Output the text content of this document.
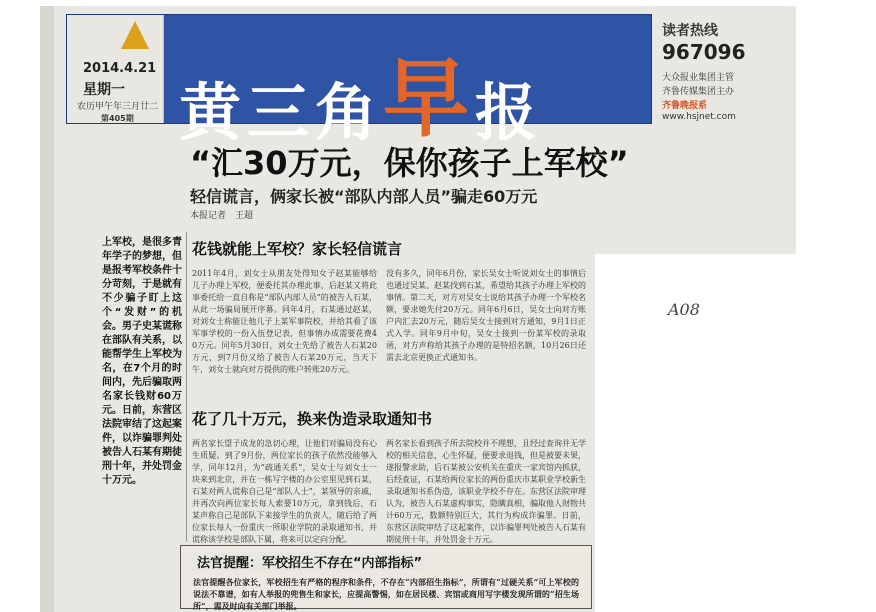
2014.4.21
星期一
农历甲午年三月廿二
第405期 黄三角早报
读者热线
967096
大众报业集团主管
齐鲁传媒集团主办
齐鲁晚报系
www.hsjnet.com
“汇30万元，保你孩子上军校”
轻信谎言，俩家长被“部队内部人员”骗走60万元
本报记者　王超
上军校，是很多青年学子的梦想，但是报考军校条件十分苛刻，于是就有不少骗子盯上这个“发财”的机会。男子史某谎称在部队有关系，以能帮学生上军校为名，在7个月的时间内，先后骗取两名家长钱财60万元。日前，东营区法院审结了这起案件，以诈骗罪判处被告人石某有期徒刑十年，并处罚金十万元。
花钱就能上军校？家长轻信谎言
2011年4月，刘女士从朋友处得知女子赵某能够给儿子办理上军校，便委托其办理此事，后赵某又将此事委托给一直自称是“部队内部人员”的被告人石某，从此一场骗局展开序幕。同年4月，石某通过赵某，对刘女士称能让他儿子上某军事院校，并给其看了该军事学校的一份入伍登记表，但事情办成需要花费40万元。同年5月30日，刘女士先给了被告人石某20万元，到7月份又给了被告人石某20万元，当天下午，刘女士就向对方提供的账户转账20万元。
没有多久，同年6月份，家长吴女士听说刘女士的事情后也通过吴某、赵某找到石某，希望给其孩子办理上军校的事情。第二天，对方对吴女士说给其孩子办理一个军校名额，要求她先付20万元。同年6月6日，吴女士向对方账户内汇去20万元，随后吴女士接到对方通知，9月1日正式入学。同年9月中旬，吴女士接到一份某军校的录取函，对方声称给其孩子办理的是特招名额，10月26日还需去北京更换正式通知书。
花了几十万元，换来伪造录取通知书
两名家长望子成龙的急切心理，让他们对骗局没有心生质疑。到了9月份，两位家长的孩子依然没能够入学，同年12月，为“疏通关系”，吴女士与刘女士一块来到北京，并在一栋写字楼的办公室里见到石某，石某对两人谎称自己是“部队人士”，某领导的亲戚，并再次向两位家长每人索要10万元，拿到钱后，石某声称自己是部队下来接学生的负责人，随后给了两位家长每人一份重庆一所职业学院的录取通知书，并谎称该学校是部队下属，将来可以定向分配。
两名家长看到孩子所去院校并不理想，且经过查询并无学校的相关信息，心生怀疑，便要求退钱，但是被要未果，遂报警求助，后石某被公安机关在重庆一家宾馆内抓获，后经查证，石某给两位家长的两份重庆市某职业学校新生录取通知书系伪造，该职业学校不存在。东营区法院审理认为，被告人石某虚构事实，隐瞒真相，骗取他人财物共计60万元，数额特别巨大，其行为构成诈骗罪。日前，东营区法院审结了这起案件，以诈骗罪判处被告人石某有期徒刑十年，并处罚金十万元。
法官提醒：军校招生不存在“内部指标”
法官提醒各位家长，军校招生有严格的程序和条件，不存在“内部招生指标”，所谓有“过硬关系”可上军校的说法不靠谱，如有人举报的兜售生和家长，应提高警惕，如在居民楼、宾馆或商用写字楼发现所谓的“招生场所”，需及时向有关部门举报。
A08
